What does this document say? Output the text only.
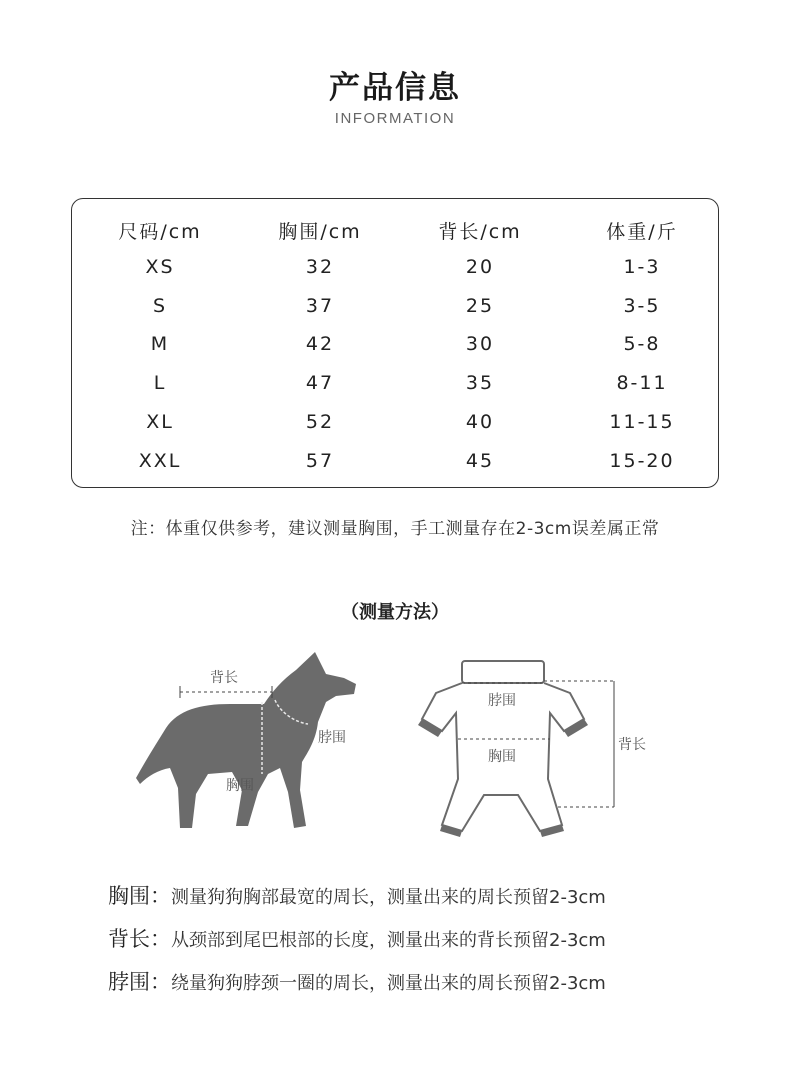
产品信息
INFORMATION
尺码/cm	胸围/cm	背长/cm	体重/斤
XS	32	20	1-3
S	37	25	3-5
M	42	30	5-8
L	47	35	8-11
XL	52	40	11-15
XXL	57	45	15-20
注：体重仅供参考，建议测量胸围，手工测量存在2-3cm误差属正常
（测量方法）
背长
脖围
胸围
脖围
胸围
背长
胸围： 测量狗狗胸部最宽的周长，测量出来的周长预留2-3cm
背长： 从颈部到尾巴根部的长度，测量出来的背长预留2-3cm
脖围： 绕量狗狗脖颈一圈的周长，测量出来的周长预留2-3cm
